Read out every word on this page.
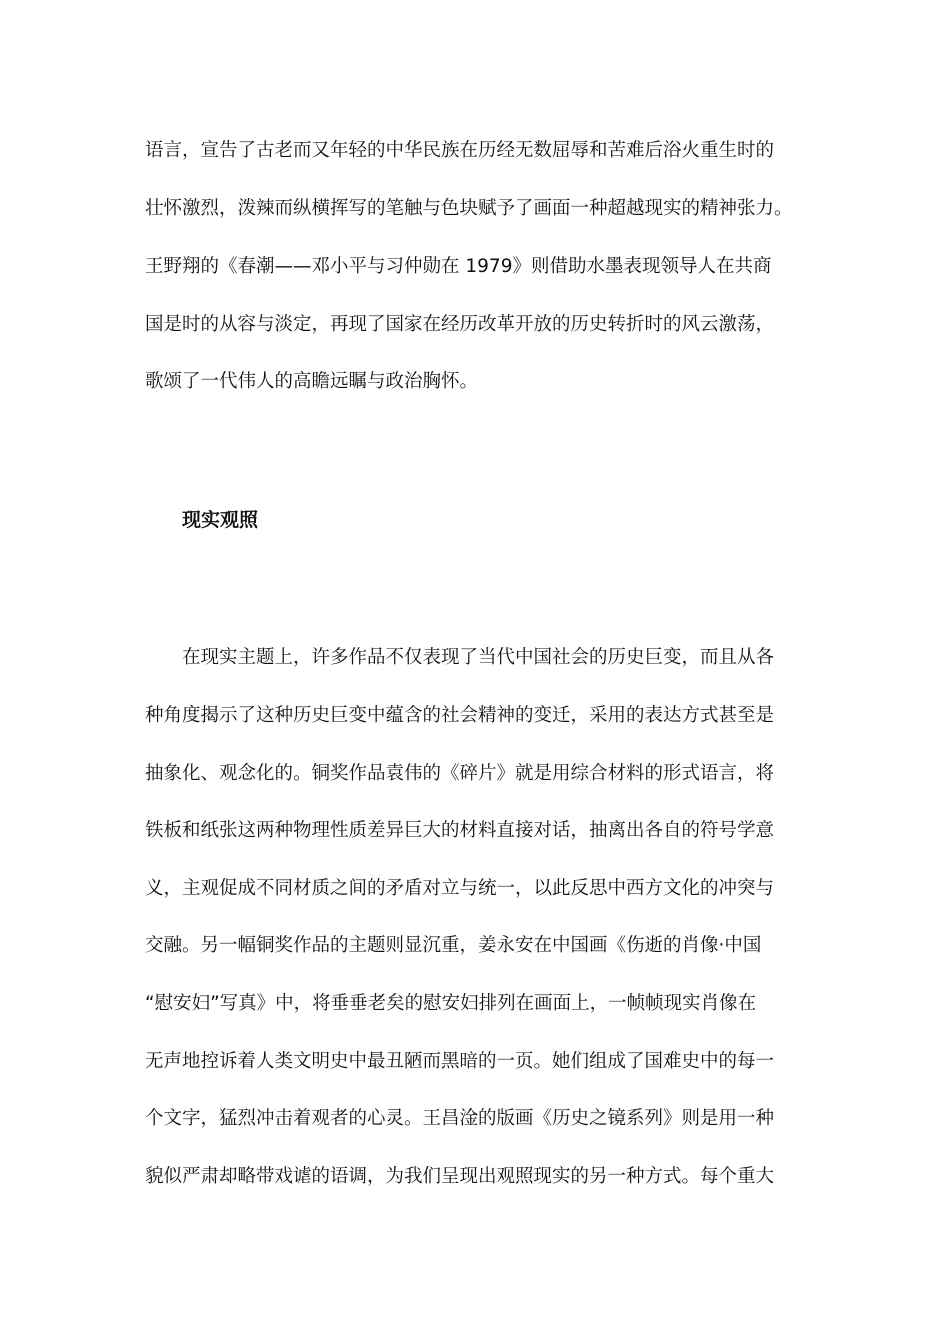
语言，宣告了古老而又年轻的中华民族在历经无数屈辱和苦难后浴火重生时的
壮怀激烈，泼辣而纵横挥写的笔触与色块赋予了画面一种超越现实的精神张力。
王野翔的《春潮——邓小平与习仲勋在 1979》则借助水墨表现领导人在共商
国是时的从容与淡定，再现了国家在经历改革开放的历史转折时的风云激荡，
歌颂了一代伟人的高瞻远瞩与政治胸怀。
现实观照
在现实主题上，许多作品不仅表现了当代中国社会的历史巨变，而且从各
种角度揭示了这种历史巨变中蕴含的社会精神的变迁，采用的表达方式甚至是
抽象化、观念化的。铜奖作品袁伟的《碎片》就是用综合材料的形式语言，将
铁板和纸张这两种物理性质差异巨大的材料直接对话，抽离出各自的符号学意
义，主观促成不同材质之间的矛盾对立与统一，以此反思中西方文化的冲突与
交融。另一幅铜奖作品的主题则显沉重，姜永安在中国画《伤逝的肖像·中国
“慰安妇”写真》中，将垂垂老矣的慰安妇排列在画面上，一帧帧现实肖像在
无声地控诉着人类文明史中最丑陋而黑暗的一页。她们组成了国难史中的每一
个文字，猛烈冲击着观者的心灵。王昌淦的版画《历史之镜系列》则是用一种
貌似严肃却略带戏谑的语调，为我们呈现出观照现实的另一种方式。每个重大
